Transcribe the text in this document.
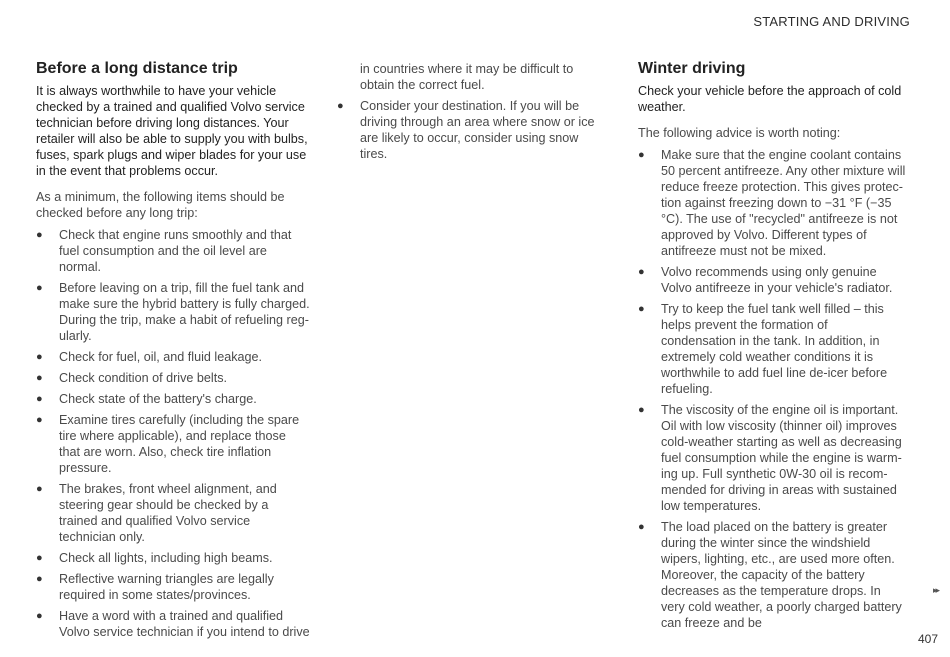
STARTING AND DRIVING
Before a long distance trip

It is always worthwhile to have your vehicle checked by a trained and qualified Volvo service technician before driving long distances. Your retailer will also be able to supply you with bulbs, fuses, spark plugs and wiper blades for your use in the event that problems occur.

As a minimum, the following items should be checked before any long trip:

● Check that engine runs smoothly and that fuel consumption and the oil level are normal.
● Before leaving on a trip, fill the fuel tank and make sure the hybrid battery is fully charged. During the trip, make a habit of refueling regularly.
● Check for fuel, oil, and fluid leakage.
● Check condition of drive belts.
● Check state of the battery's charge.
● Examine tires carefully (including the spare tire where applicable), and replace those that are worn. Also, check tire inflation pressure.
● The brakes, front wheel alignment, and steering gear should be checked by a trained and qualified Volvo service technician only.
● Check all lights, including high beams.
● Reflective warning triangles are legally required in some states/provinces.
● Have a word with a trained and qualified Volvo service technician if you intend to drive

in countries where it may be difficult to obtain the correct fuel.

● Consider your destination. If you will be driving through an area where snow or ice are likely to occur, consider using snow tires.
Winter driving

Check your vehicle before the approach of cold weather.

The following advice is worth noting:

● Make sure that the engine coolant contains 50 percent antifreeze. Any other mixture will reduce freeze protection. This gives protection against freezing down to −31 °F (−35 °C). The use of "recycled" antifreeze is not approved by Volvo. Different types of antifreeze must not be mixed.
● Volvo recommends using only genuine Volvo antifreeze in your vehicle's radiator.
● Try to keep the fuel tank well filled – this helps prevent the formation of condensation in the tank. In addition, in extremely cold weather conditions it is worthwhile to add fuel line de-icer before refueling.
● The viscosity of the engine oil is important. Oil with low viscosity (thinner oil) improves cold-weather starting as well as decreasing fuel consumption while the engine is warming up. Full synthetic 0W-30 oil is recommended for driving in areas with sustained low temperatures.
● The load placed on the battery is greater during the winter since the windshield wipers, lighting, etc., are used more often. Moreover, the capacity of the battery decreases as the temperature drops. In very cold weather, a poorly charged battery can freeze and be
▸▸
407
